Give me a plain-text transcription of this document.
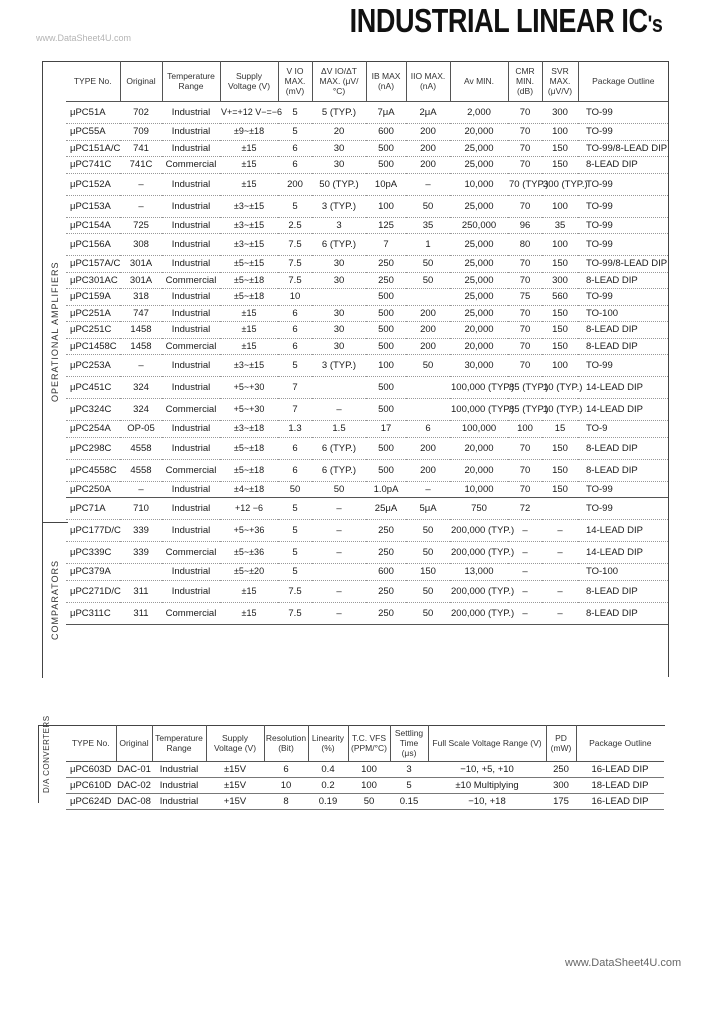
www.DataSheet4U.com	INDUSTRIAL LINEAR IC's
OPERATIONAL AMPLIFIERS
COMPARATORS
TYPE No.	Original	Temperature Range	Supply Voltage (V)	V IO MAX. (mV)	ΔV IO/ΔT MAX. (μV/°C)	IB MAX (nA)	IIO MAX. (nA)	Av MIN.	CMR MIN. (dB)	SVR MAX. (μV/V)	Package Outline
μPC51A	702	Industrial	V+=+12 V−=−6	5	5 (TYP.)	7μA	2μA	2,000	70	300	TO-99
μPC55A	709	Industrial	±9~±18	5	20	600	200	20,000	70	100	TO-99
μPC151A/C	741	Industrial	±15	6	30	500	200	25,000	70	150	TO-99/8-LEAD DIP
μPC741C	741C	Commercial	±15	6	30	500	200	25,000	70	150	8-LEAD DIP
μPC152A	–	Industrial	±15	200	50 (TYP.)	10pA	–	10,000	70 (TYP.)	300 (TYP.)	TO-99
μPC153A	–	Industrial	±3~±15	5	3 (TYP.)	100	50	25,000	70	100	TO-99
μPC154A	725	Industrial	±3~±15	2.5	3	125	35	250,000	96	35	TO-99
μPC156A	308	Industrial	±3~±15	7.5	6 (TYP.)	7	1	25,000	80	100	TO-99
μPC157A/C	301A	Industrial	±5~±15	7.5	30	250	50	25,000	70	150	TO-99/8-LEAD DIP
μPC301AC	301A	Commercial	±5~±18	7.5	30	250	50	25,000	70	300	8-LEAD DIP
μPC159A	318	Industrial	±5~±18	10		500		25,000	75	560	TO-99
μPC251A	747	Industrial	±15	6	30	500	200	25,000	70	150	TO-100
μPC251C	1458	Industrial	±15	6	30	500	200	20,000	70	150	8-LEAD DIP
μPC1458C	1458	Commercial	±15	6	30	500	200	20,000	70	150	8-LEAD DIP
μPC253A	–	Industrial	±3~±15	5	3 (TYP.)	100	50	30,000	70	100	TO-99
μPC451C	324	Industrial	+5~+30	7		500		100,000 (TYP.)	85 (TYP.)	10 (TYP.)	14-LEAD DIP
μPC324C	324	Commercial	+5~+30	7	–	500		100,000 (TYP.)	85 (TYP.)	10 (TYP.)	14-LEAD DIP
μPC254A	OP-05	Industrial	±3~±18	1.3	1.5	17	6	100,000	100	15	TO-9
μPC298C	4558	Industrial	±5~±18	6	6 (TYP.)	500	200	20,000	70	150	8-LEAD DIP
μPC4558C	4558	Commercial	±5~±18	6	6 (TYP.)	500	200	20,000	70	150	8-LEAD DIP
μPC250A	–	Industrial	±4~±18	50	50	1.0pA	–	10,000	70	150	TO-99
μPC71A	710	Industrial	+12 −6	5	–	25μA	5μA	750	72		TO-99
μPC177D/C	339	Industrial	+5~+36	5	–	250	50	200,000 (TYP.)	–	–	14-LEAD DIP
μPC339C	339	Commercial	±5~±36	5	–	250	50	200,000 (TYP.)	–	–	14-LEAD DIP
μPC379A		Industrial	±5~±20	5		600	150	13,000	–		TO-100
μPC271D/C	311	Industrial	±15	7.5	–	250	50	200,000 (TYP.)	–	–	8-LEAD DIP
μPC311C	311	Commercial	±15	7.5	–	250	50	200,000 (TYP.)	–	–	8-LEAD DIP
D/A CONVERTERS TYPE No.	Original	Temperature Range	Supply Voltage (V)	Resolution (Bit)	Linearity (%)	T.C. VFS (PPM/°C)	Settling Time (μs)	Full Scale Voltage Range (V)	PD (mW)	Package Outline
μPC603D	DAC-01	Industrial	±15V	6	0.4	100	3	−10, +5, +10	250	16-LEAD DIP
μPC610D	DAC-02	Industrial	±15V	10	0.2	100	5	±10 Multiplying	300	18-LEAD DIP
μPC624D	DAC-08	Industrial	+15V	8	0.19	50	0.15	−10, +18	175	16-LEAD DIP
www.DataSheet4U.com
